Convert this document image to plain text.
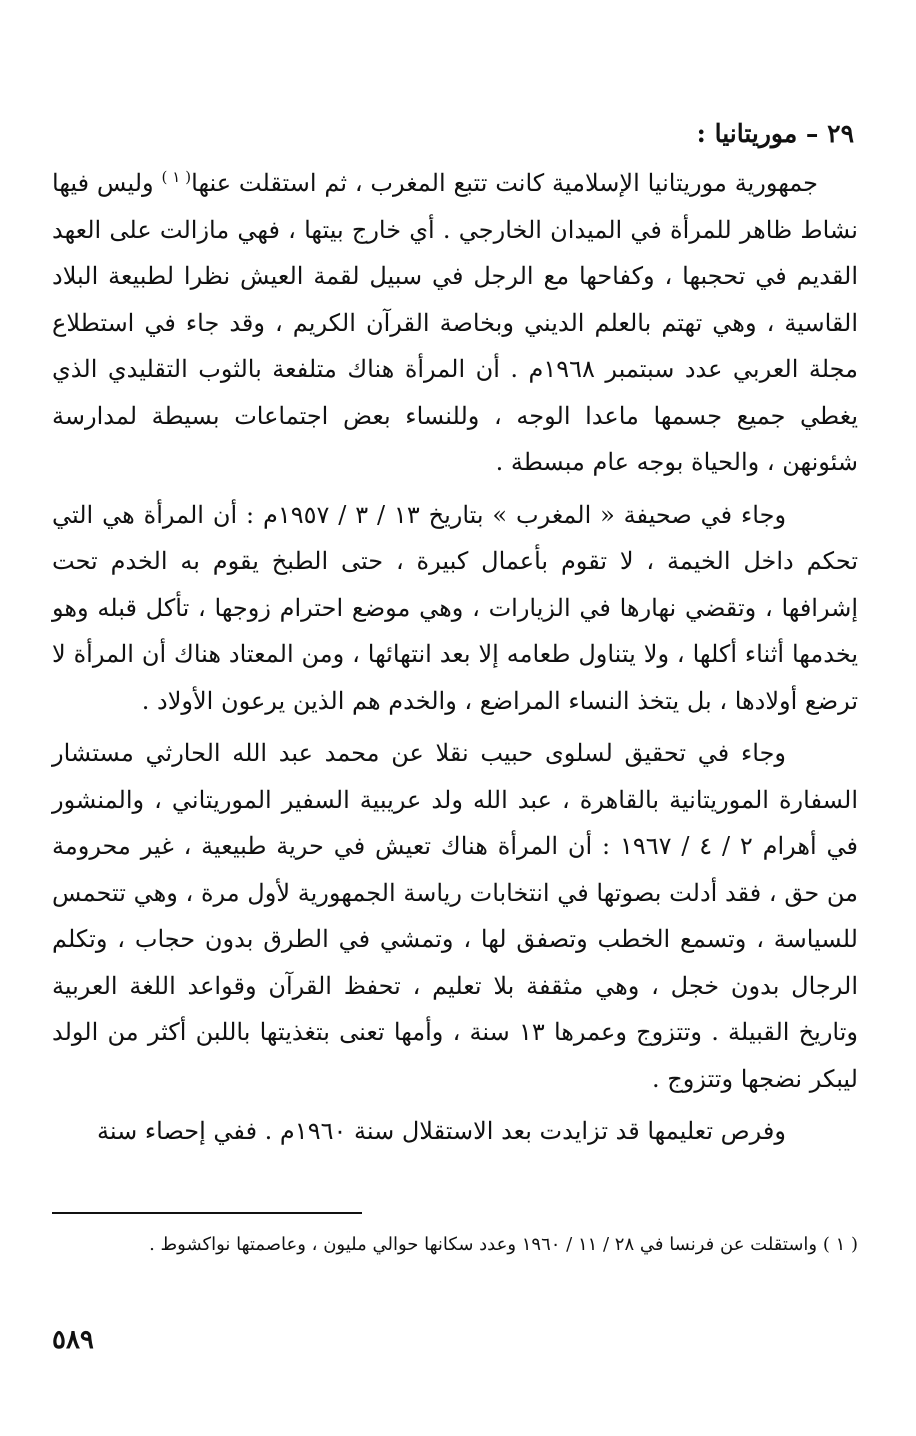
٢٩ – موريتانيا :

جمهورية موريتانيا الإسلامية كانت تتبع المغرب ، ثم استقلت عنها$^{( ١ )}$ وليس فيها نشاط ظاهر للمرأة في الميدان الخارجي . أي خارج بيتها ، فهي مازالت على العهد القديم في تحجبها ، وكفاحها مع الرجل في سبيل لقمة العيش نظرا لطبيعة البلاد القاسية ، وهي تهتم بالعلم الديني وبخاصة القرآن الكريم ، وقد جاء في استطلاع مجلة العربي عدد سبتمبر ١٩٦٨م . أن المرأة هناك متلفعة بالثوب التقليدي الذي يغطي جميع جسمها ماعدا الوجه ، وللنساء بعض اجتماعات بسيطة لمدارسة شئونهن ، والحياة بوجه عام مبسطة .

وجاء في صحيفة « المغرب » بتاريخ ١٣ / ٣ / ١٩٥٧م : أن المرأة هي التي تحكم داخل الخيمة ، لا تقوم بأعمال كبيرة ، حتى الطبخ يقوم به الخدم تحت إشرافها ، وتقضي نهارها في الزيارات ، وهي موضع احترام زوجها ، تأكل قبله وهو يخدمها أثناء أكلها ، ولا يتناول طعامه إلا بعد انتهائها ، ومن المعتاد هناك أن المرأة لا ترضع أولادها ، بل يتخذ النساء المراضع ، والخدم هم الذين يرعون الأولاد .

وجاء في تحقيق لسلوى حبيب نقلا عن محمد عبد الله الحارثي مستشار السفارة الموريتانية بالقاهرة ، عبد الله ولد عريبية السفير الموريتاني ، والمنشور في أهرام ٢ / ٤ / ١٩٦٧ : أن المرأة هناك تعيش في حرية طبيعية ، غير محرومة من حق ، فقد أدلت بصوتها في انتخابات رياسة الجمهورية لأول مرة ، وهي تتحمس للسياسة ، وتسمع الخطب وتصفق لها ، وتمشي في الطرق بدون حجاب ، وتكلم الرجال بدون خجل ، وهي مثقفة بلا تعليم ، تحفظ القرآن وقواعد اللغة العربية وتاريخ القبيلة . وتتزوج وعمرها ١٣ سنة ، وأمها تعنى بتغذيتها باللبن أكثر من الولد ليبكر نضجها وتتزوج .

وفرص تعليمها قد تزايدت بعد الاستقلال سنة ١٩٦٠م . ففي إحصاء سنة

( ١ ) واستقلت عن فرنسا في ٢٨ / ١١ / ١٩٦٠ وعدد سكانها حوالي مليون ، وعاصمتها نواكشوط .
٥٨٩
